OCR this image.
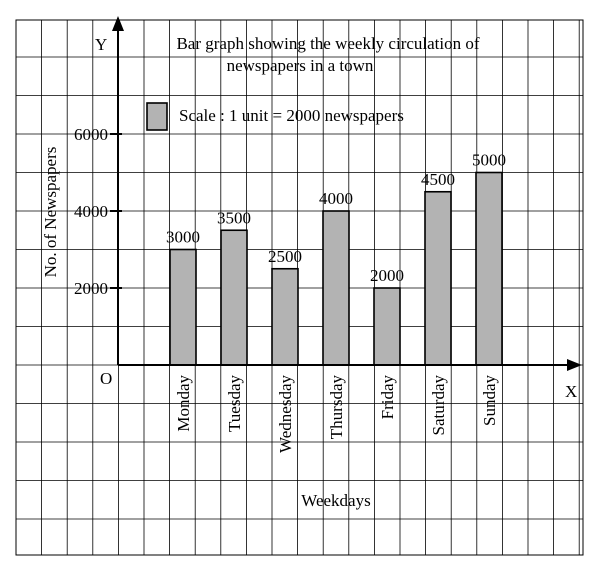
3000
3500
2500
4000
2000
4500
5000
2000
4000
6000
Monday Tuesday Wednesday Thursday Friday Saturday Sunday
Bar graph showing the weekly circulation of
newspapers in a town
Scale : 1 unit = 2000 newspapers
No. of Newspapers
Weekdays
Y
X
O
